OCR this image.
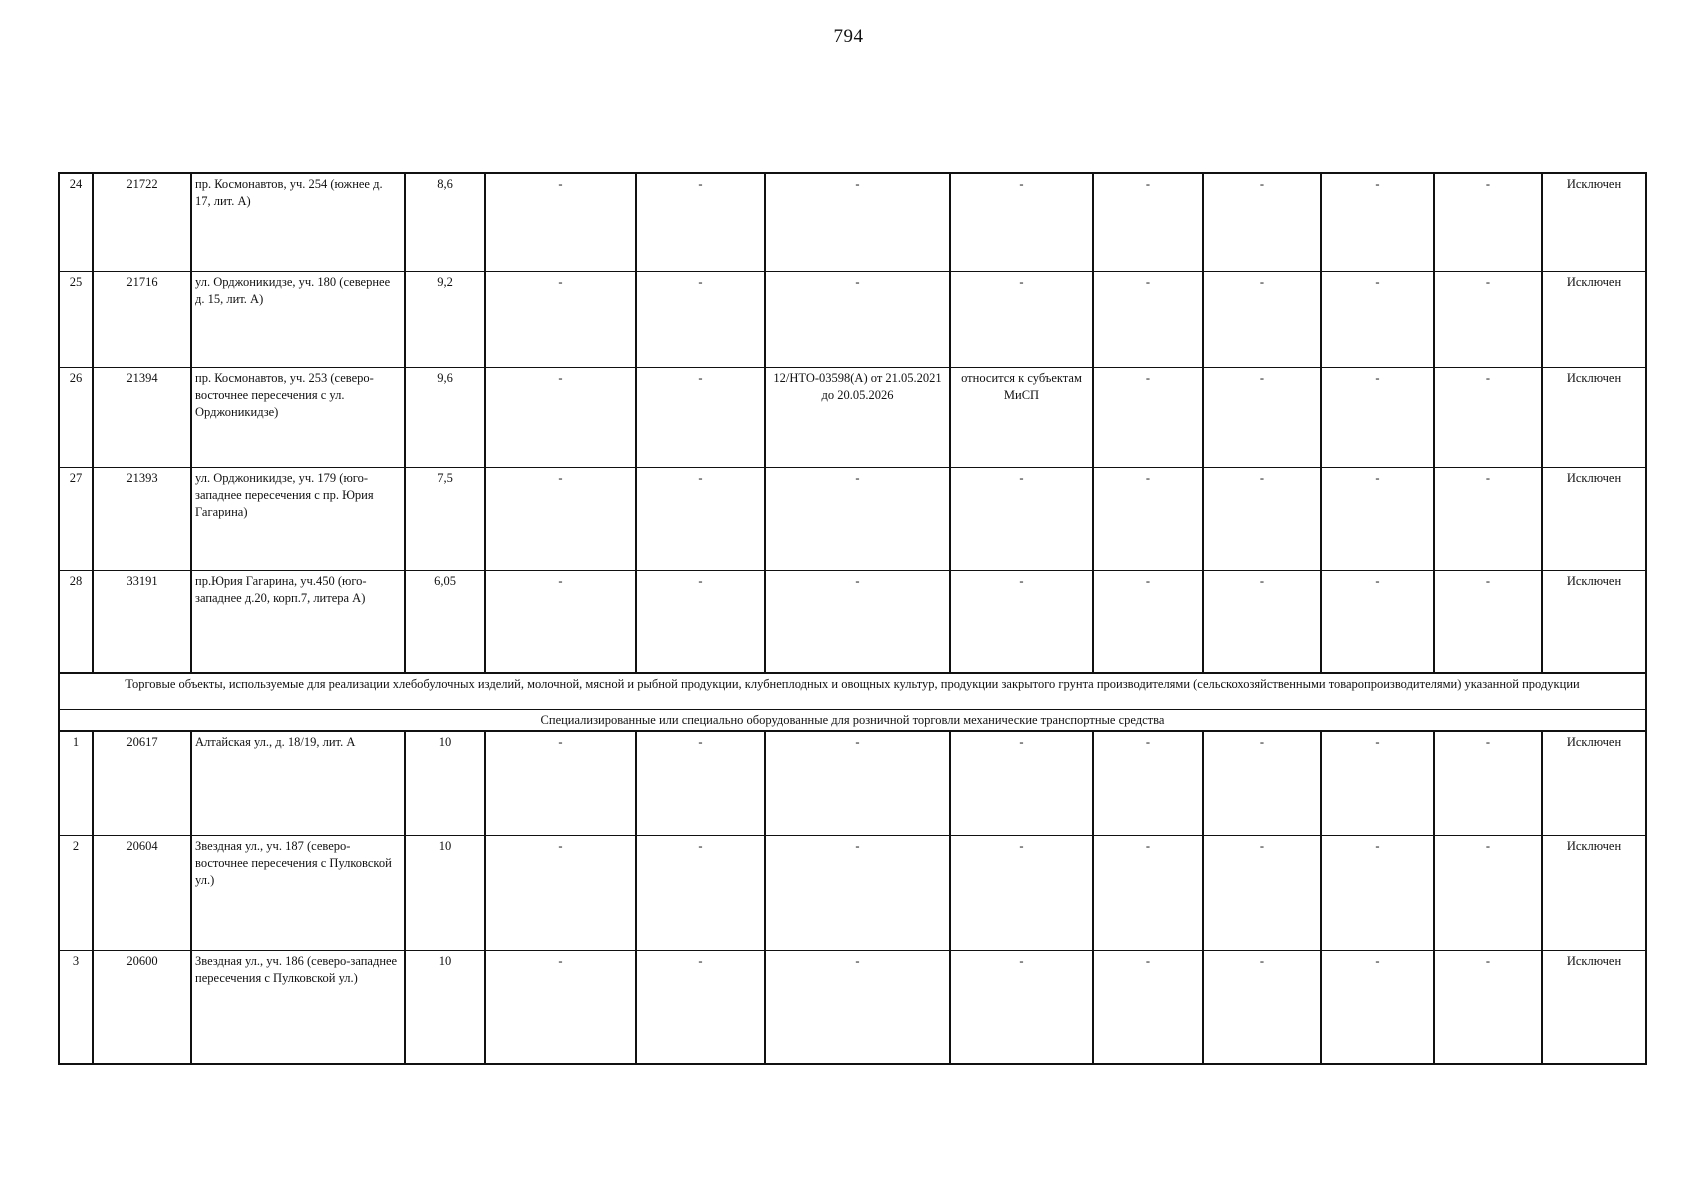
794
24	21722	пр. Космонавтов, уч. 254 (южнее д. 17, лит. А)	8,6	-	-	-	-	-	-	-	-	Исключен
25	21716	ул. Орджоникидзе, уч. 180 (севернее д. 15, лит. А)	9,2	-	-	-	-	-	-	-	-	Исключен
26	21394	пр. Космонавтов, уч. 253 (северо-восточнее пересечения с ул. Орджоникидзе)	9,6	-	-	12/НТО-03598(А) от 21.05.2021 до 20.05.2026	относится к субъектам МиСП	-	-	-	-	Исключен
27	21393	ул. Орджоникидзе, уч. 179 (юго-западнее пересечения с пр. Юрия Гагарина)	7,5	-	-	-	-	-	-	-	-	Исключен
28	33191	пр.Юрия Гагарина, уч.450 (юго-западнее д.20, корп.7, литера А)	6,05	-	-	-	-	-	-	-	-	Исключен
Торговые объекты, используемые для реализации хлебобулочных изделий, молочной, мясной и рыбной продукции, клубнеплодных и овощных культур, продукции закрытого грунта производителями (сельскохозяйственными товаропроизводителями) указанной продукции												
Специализированные или специально оборудованные для розничной торговли механические транспортные средства												
1	20617	Алтайская ул., д. 18/19, лит. А	10	-	-	-	-	-	-	-	-	Исключен
2	20604	Звездная ул., уч. 187 (северо-восточнее пересечения с Пулковской ул.)	10	-	-	-	-	-	-	-	-	Исключен
3	20600	Звездная ул., уч. 186 (северо-западнее пересечения с Пулковской ул.)	10	-	-	-	-	-	-	-	-	Исключен
